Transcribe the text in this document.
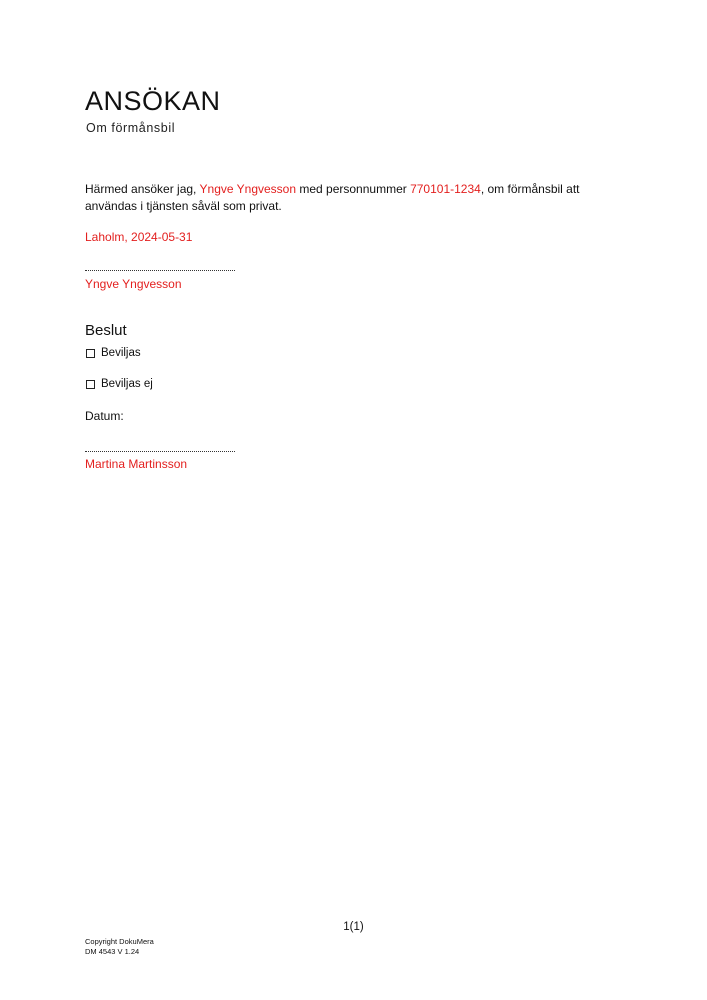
ANSÖKAN
Om förmånsbil
Härmed ansöker jag, Yngve Yngvesson med personnummer 770101-1234, om förmånsbil att användas i tjänsten såväl som privat.
Laholm, 2024-05-31
Yngve Yngvesson
Beslut
Beviljas
Beviljas ej
Datum:
Martina Martinsson
1(1)
Copyright DokuMera
DM 4543 V 1.24
